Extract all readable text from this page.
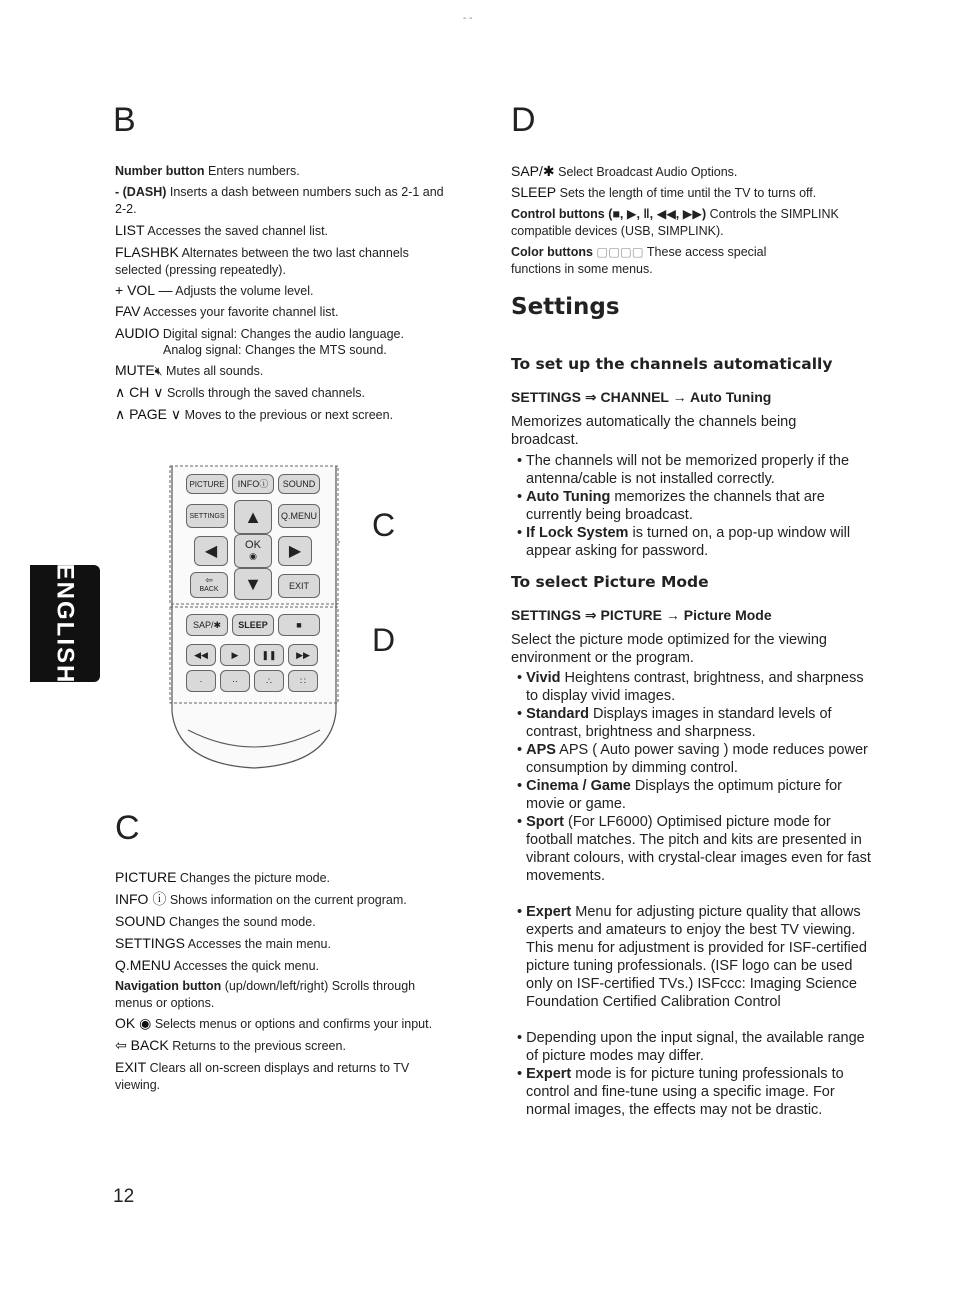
- -
B

Number button Enters numbers.

- (DASH) Inserts a dash between numbers such as 2-1 and 2-2.

LIST Accesses the saved channel list.

FLASHBK Alternates between the two last channels selected (pressing repeatedly).

+ VOL — Adjusts the volume level.

FAV Accesses your favorite channel list.

AUDIO Digital signal: Changes the audio language.

Analog signal: Changes the MTS sound.

MUTE🔇︎ Mutes all sounds.

∧ CH ∨ Scrolls through the saved channels.

∧ PAGE ∨ Moves to the previous or next screen.

ENGLISH
PICTURE	INFOⓘ	SOUND
SETTINGS ▲	Q.MENU
◀	OK
◉ ▶
⇦
BACK ▼	EXIT
SAP/✱	SLEEP	■
◀◀	▶	❚❚ ▶▶
·	··	∴	∷
C
D
C

PICTURE Changes the picture mode.

INFO ⓘ Shows information on the current program.

SOUND Changes the sound mode.

SETTINGS Accesses the main menu.

Q.MENU Accesses the quick menu.

Navigation button (up/down/left/right) Scrolls through menus or options.

OK ◉ Selects menus or options and confirms your input.

⇦ BACK Returns to the previous screen.

EXIT Clears all on-screen displays and returns to TV viewing.

D

SAP/✱ Select Broadcast Audio Options.

SLEEP Sets the length of time until the TV to turns off.

Control buttons (■, ▶, ‖, ◀◀, ▶▶) Controls the SIMPLINK compatible devices (USB, SIMPLINK).

Color buttons ▢▢▢▢ These access special functions in some menus.

Settings
To set up the channels automatically
SETTINGS ⇒ CHANNEL → Auto Tuning

Memorizes automatically the channels being broadcast.

• The channels will not be memorized properly if the antenna/cable is not installed correctly.

• Auto Tuning memorizes the channels that are currently being broadcast.

• If Lock System is turned on, a pop-up window will appear asking for password.

To select Picture Mode
SETTINGS ⇒ PICTURE → Picture Mode

Select the picture mode optimized for the viewing environment or the program.

• Vivid Heightens contrast, brightness, and sharpness to display vivid images.

• Standard Displays images in standard levels of contrast, brightness and sharpness.

• APS APS ( Auto power saving ) mode reduces power consumption by dimming control.

• Cinema / Game Displays the optimum picture for movie or game.

• Sport (For LF6000) Optimised picture mode for football matches. The pitch and kits are presented in vibrant colours, with crystal-clear images even for fast movements.

• Expert Menu for adjusting picture quality that allows experts and amateurs to enjoy the best TV viewing. This menu for adjustment is provided for ISF-certified picture tuning professionals. (ISF logo can be used only on ISF-certified TVs.) ISFccc: Imaging Science Foundation Certified Calibration Control

• Depending upon the input signal, the available range of picture modes may differ.

• Expert mode is for picture tuning professionals to control and fine-tune using a specific image. For normal images, the effects may not be drastic.

12
